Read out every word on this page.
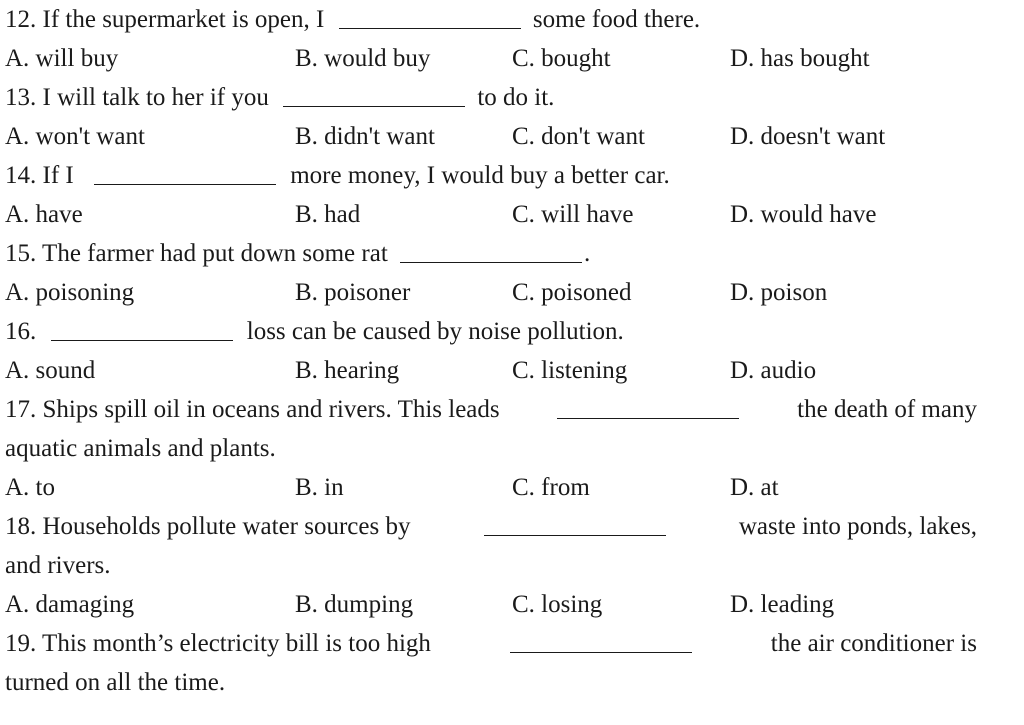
12. If the supermarket is open, I	some food there.
A. will buy	B. would buy	C. bought	D. has bought
13. I will talk to her if you	to do it.
A. won't want	B. didn't want	C. don't want	D. doesn't want
14. If I	more money, I would buy a better car.
A. have	B. had	C. will have	D. would have
15. The farmer had put down some rat	.
A. poisoning	B. poisoner	C. poisoned	D. poison
16.	loss can be caused by noise pollution.
A. sound	B. hearing	C. listening	D. audio
17. Ships spill oil in oceans and rivers. This leads	the death of many
aquatic animals and plants.
A. to	B. in	C. from	D. at
18. Households pollute water sources by	waste into ponds, lakes,
and rivers.
A. damaging	B. dumping	C. losing	D. leading
19. This month’s electricity bill is too high	the air conditioner is
turned on all the time.
